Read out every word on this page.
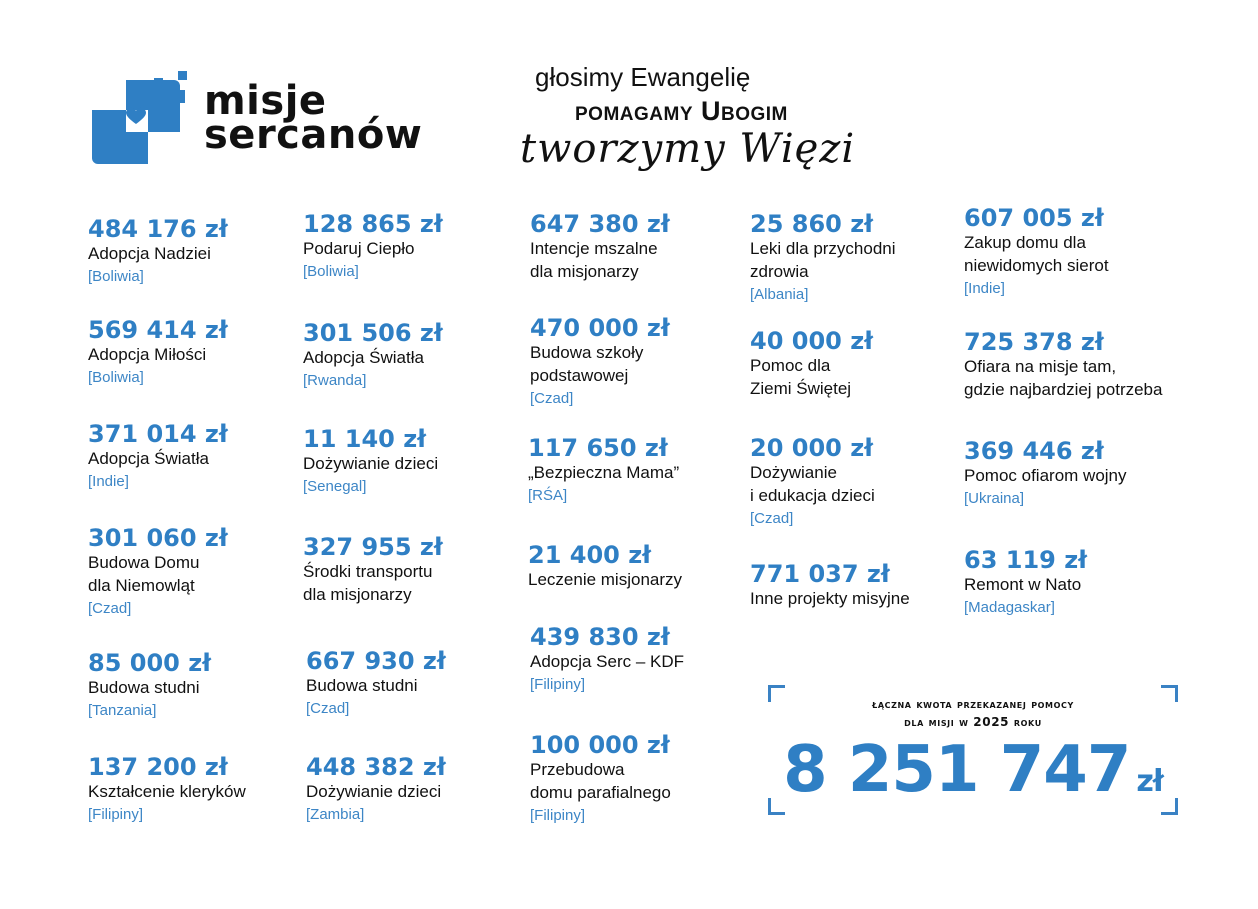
misje
sercanów
głosimy Ewangelię
pomagamy Ubogim
tworzymy Więzi
484 176 zł
Adopcja Nadziei
[Boliwia]
569 414 zł
Adopcja Miłości
[Boliwia]
371 014 zł
Adopcja Światła
[Indie]
301 060 zł
Budowa Domu
dla Niemowląt
[Czad]
85 000 zł
Budowa studni
[Tanzania]
137 200 zł
Kształcenie kleryków
[Filipiny]
128 865 zł
Podaruj Ciepło
[Boliwia]
301 506 zł
Adopcja Światła
[Rwanda]
11 140 zł
Dożywianie dzieci
[Senegal]
327 955 zł
Środki transportu
dla misjonarzy
667 930 zł
Budowa studni
[Czad]
448 382 zł
Dożywianie dzieci
[Zambia]
647 380 zł
Intencje mszalne
dla misjonarzy
470 000 zł
Budowa szkoły
podstawowej
[Czad]
117 650 zł
„Bezpieczna Mama”
[RŚA]
21 400 zł
Leczenie misjonarzy
439 830 zł
Adopcja Serc – KDF
[Filipiny]
100 000 zł
Przebudowa
domu parafialnego
[Filipiny]
25 860 zł
Leki dla przychodni
zdrowia
[Albania]
40 000 zł
Pomoc dla
Ziemi Świętej
20 000 zł
Dożywianie
i edukacja dzieci
[Czad]
771 037 zł
Inne projekty misyjne
607 005 zł
Zakup domu dla
niewidomych sierot
[Indie]
725 378 zł
Ofiara na misje tam,
gdzie najbardziej potrzeba
369 446 zł
Pomoc ofiarom wojny
[Ukraina]
63 119 zł
Remont w Nato
[Madagaskar]
łączna kwota przekazanej pomocy
dla misji w 2025 roku
8 251 747 zł
